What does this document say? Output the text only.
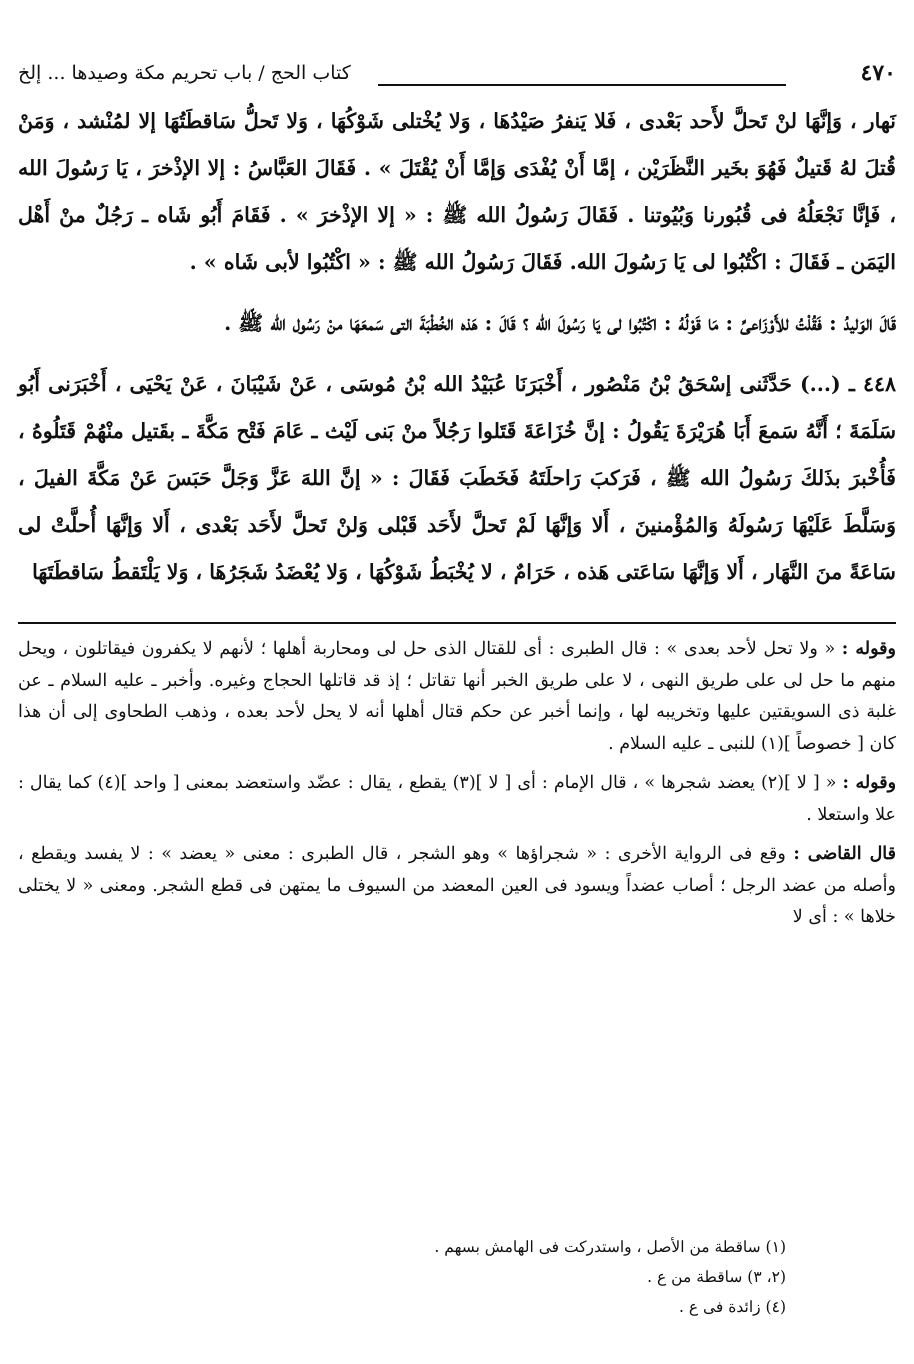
٤٧٠
كتاب الحج / باب تحريم مكة وصيدها ... إلخ

نَهار ، وَإنَّهَا لنْ تَحلَّ لأَحد بَعْدى ، فَلا يَنفرُ صَيْدُهَا ، وَلا يُخْتلى شَوْكُهَا ، وَلا تَحلُّ سَاقطَتُهَا إلا لمُنْشد ، وَمَنْ قُتلَ لهُ قَتيلٌ فَهُوَ بخَير النَّظَرَيْن ، إمَّا أَنْ يُفْدَى وَإمَّا أَنْ يُقْتَلَ » . فَقَالَ العَبَّاسُ : إلا الإذْخرَ ، يَا رَسُولَ الله ، فَإنَّا نَجْعَلُهُ فى قُبُورنا وَبُيُوتنا . فَقَالَ رَسُولُ الله ﷺ : « إلا الإذْخرَ » . فَقَامَ أَبُو شَاه ـ رَجُلٌ منْ أَهْل اليَمَن ـ فَقَالَ : اكْتُبُوا لى يَا رَسُولَ الله. فَقَالَ رَسُولُ الله ﷺ : « اكْتُبُوا لأبى شَاه » .

قَالَ الوَليدُ : فَقُلْتُ للأَوْزَاعىِّ : مَا قَوْلُهُ : اكْتُبُوا لى يَا رَسُولَ الله ؟ قَالَ : هَذه الخُطْبَةَ التى سَمعَهَا منْ رَسُول الله ﷺ .

٤٤٨ ـ (...) حَدَّثَنى إسْحَقُ بْنُ مَنْصُور ، أَخْبَرَنَا عُبَيْدُ الله بْنُ مُوسَى ، عَنْ شَيْبَانَ ، عَنْ يَحْيَى ، أَخْبَرَنى أَبُو سَلَمَةَ ؛ أَنَّهُ سَمعَ أَبَا هُرَيْرَةَ يَقُولُ : إنَّ خُزَاعَةَ قَتَلوا رَجُلاً منْ بَنى لَيْث ـ عَامَ فَتْح مَكَّةَ ـ بقَتيل منْهُمْ قَتَلُوهُ ، فَأُخْبرَ بذَلكَ رَسُولُ الله ﷺ ، فَرَكبَ رَاحلَتَهُ فَخَطَبَ فَقَالَ : « إنَّ اللهَ عَزَّ وَجَلَّ حَبَسَ عَنْ مَكَّةَ الفيلَ ، وَسَلَّطَ عَلَيْهَا رَسُولَهُ وَالمُؤْمنينَ ، أَلا وَإنَّهَا لَمْ تَحلَّ لأَحَد قَبْلى وَلنْ تَحلَّ لأَحَد بَعْدى ، أَلا وَإنَّهَا أُحلَّتْ لى سَاعَةً منَ النَّهَار ، أَلا وَإنَّهَا سَاعَتى هَذه ، حَرَامٌ ، لا يُخْبَطُ شَوْكُهَا ، وَلا يُعْضَدُ شَجَرُهَا ، وَلا يَلْتَقطُ سَاقطَتَهَا

وقوله : « ولا تحل لأحد بعدى » : قال الطبرى : أى للقتال الذى حل لى ومحاربة أهلها ؛ لأنهم لا يكفرون فيقاتلون ، ويحل منهم ما حل لى على طريق النهى ، لا على طريق الخبر أنها تقاتل ؛ إذ قد قاتلها الحجاج وغيره. وأخبر ـ عليه السلام ـ عن غلبة ذى السويقتين عليها وتخريبه لها ، وإنما أخبر عن حكم قتال أهلها أنه لا يحل لأحد بعده ، وذهب الطحاوى إلى أن هذا كان [ خصوصاً ](١) للنبى ـ عليه السلام .

وقوله : « [ لا ](٢) يعضد شجرها » ، قال الإمام : أى [ لا ](٣) يقطع ، يقال : عضّد واستعضد بمعنى [ واحد ](٤) كما يقال : علا واستعلا .

قال القاضى : وقع فى الرواية الأخرى : « شجراؤها » وهو الشجر ، قال الطبرى : معنى « يعضد » : لا يفسد ويقطع ، وأصله من عضد الرجل ؛ أصاب عضداً ويسود فى العين المعضد من السيوف ما يمتهن فى قطع الشجر. ومعنى « لا يختلى خلاها » : أى لا

(١) ساقطة من الأصل ، واستدركت فى الهامش بسهم .

(٢، ٣) ساقطة من ع .

(٤) زائدة فى ع .
